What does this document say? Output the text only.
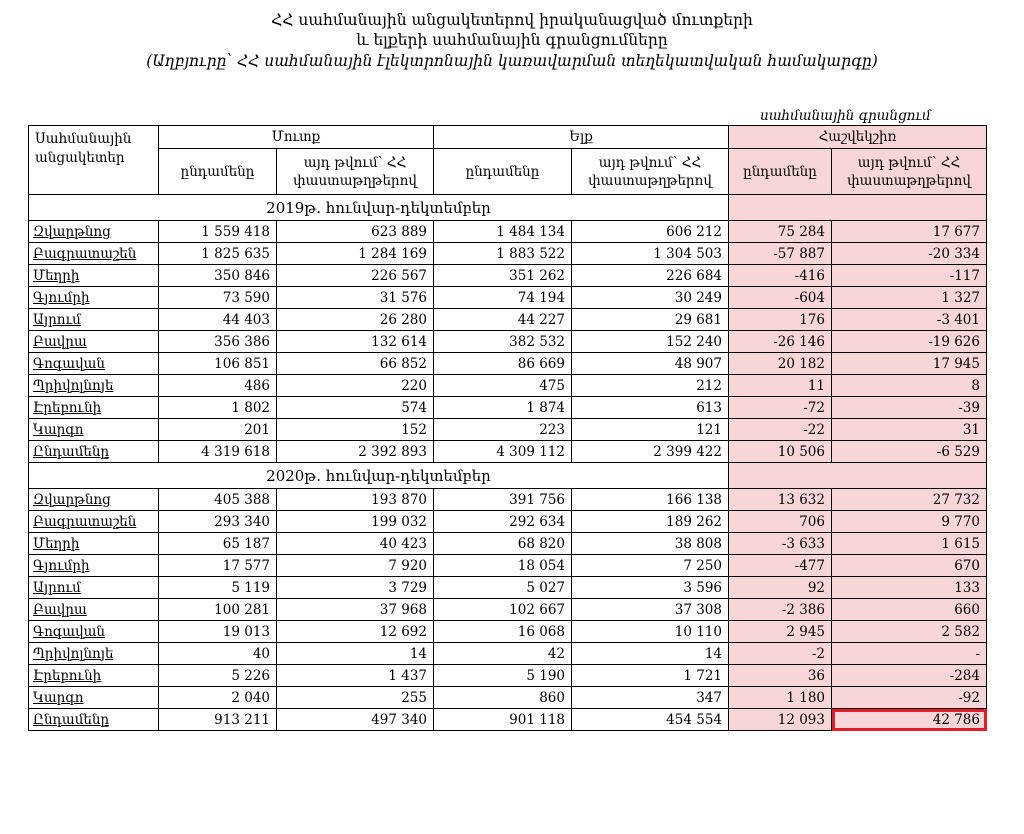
ՀՀ սահմանային անցակետերով իրականացված մուտքերի
և ելքերի սահմանային գրանցումները
(Աղբյուրը՝ ՀՀ սահմանային էլեկտրոնային կառավարման տեղեկատվական համակարգը)
սահմանային գրանցում
Սահմանային անցակետեր	Մուտք		Ելք		Հաշվեկշիռ	
	ընդամենը	այդ թվում՝ ՀՀ փաստաթղթերով	ընդամենը	այդ թվում՝ ՀՀ փաստաթղթերով	ընդամենը	այդ թվում՝ ՀՀ փաստաթղթերով
2019թ. հունվար-դեկտեմբեր						
Զվարթնոց	1 559 418	623 889	1 484 134	606 212	75 284	17 677
Բագրատաշեն	1 825 635	1 284 169	1 883 522	1 304 503	-57 887	-20 334
Մեղրի	350 846	226 567	351 262	226 684	-416	-117
Գյումրի	73 590	31 576	74 194	30 249	-604	1 327
Այրում	44 403	26 280	44 227	29 681	176	-3 401
Բավրա	356 386	132 614	382 532	152 240	-26 146	-19 626
Գոգավան	106 851	66 852	86 669	48 907	20 182	17 945
Պրիվոլնոյե	486	220	475	212	11	8
Էրեբունի	1 802	574	1 874	613	-72	-39
Կարգո	201	152	223	121	-22	31
Ընդամենը	4 319 618	2 392 893	4 309 112	2 399 422	10 506	-6 529
2020թ. հունվար-դեկտեմբեր						
Զվարթնոց	405 388	193 870	391 756	166 138	13 632	27 732
Բագրատաշեն	293 340	199 032	292 634	189 262	706	9 770
Մեղրի	65 187	40 423	68 820	38 808	-3 633	1 615
Գյումրի	17 577	7 920	18 054	7 250	-477	670
Այրում	5 119	3 729	5 027	3 596	92	133
Բավրա	100 281	37 968	102 667	37 308	-2 386	660
Գոգավան	19 013	12 692	16 068	10 110	2 945	2 582
Պրիվոլնոյե	40	14	42	14	-2	-
Էրեբունի	5 226	1 437	5 190	1 721	36	-284
Կարգո	2 040	255	860	347	1 180	-92
Ընդամենը	913 211	497 340	901 118	454 554	12 093	42 786
